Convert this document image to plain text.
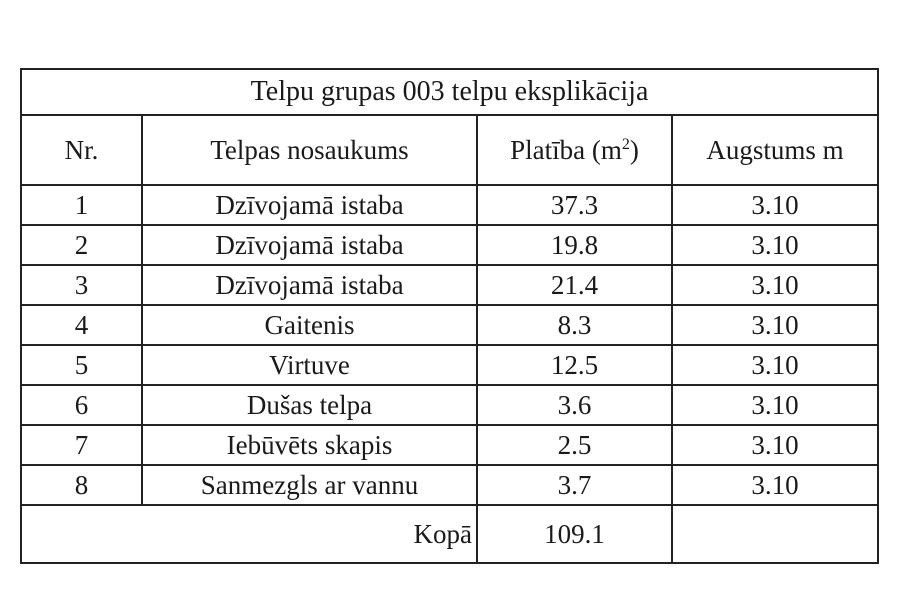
Telpu grupas 003 telpu eksplikācija			
Nr.	Telpas nosaukums	Platība $(m^2)$	Augstums m
1	Dzīvojamā istaba	37.3	3.10
2	Dzīvojamā istaba	19.8	3.10
3	Dzīvojamā istaba	21.4	3.10
4	Gaitenis	8.3	3.10
5	Virtuve	12.5	3.10
6	Dušas telpa	3.6	3.10
7	Iebūvēts skapis	2.5	3.10
8	Sanmezgls ar vannu	3.7	3.10
Kopā		109.1	
